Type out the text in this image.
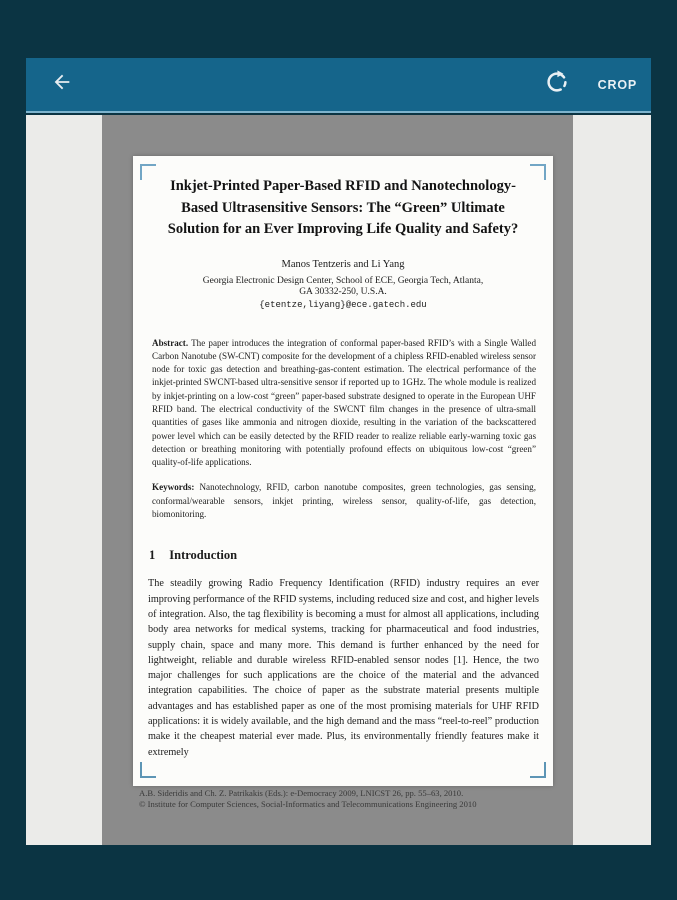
CROP
Inkjet-Printed Paper-Based RFID and Nanotechnology-Based Ultrasensitive Sensors: The “Green” Ultimate Solution for an Ever Improving Life Quality and Safety?
Manos Tentzeris and Li Yang
Georgia Electronic Design Center, School of ECE, Georgia Tech, Atlanta,
GA 30332-250, U.S.A.
{etentze,liyang}@ece.gatech.edu

Abstract. The paper introduces the integration of conformal paper-based RFID’s with a Single Walled Carbon Nanotube (SW-CNT) composite for the development of a chipless RFID-enabled wireless sensor node for toxic gas detection and breathing-gas-content estimation. The electrical performance of the inkjet-printed SWCNT-based ultra-sensitive sensor if reported up to 1GHz. The whole module is realized by inkjet-printing on a low-cost “green” paper-based substrate designed to operate in the European UHF RFID band. The electrical conductivity of the SWCNT film changes in the presence of ultra-small quantities of gases like ammonia and nitrogen dioxide, resulting in the variation of the backscattered power level which can be easily detected by the RFID reader to realize reliable early-warning toxic gas detection or breathing monitoring with potentially profound effects on ubiquitous low-cost “green” quality-of-life applications.

Keywords: Nanotechnology, RFID, carbon nanotube composites, green technologies, gas sensing, conformal/wearable sensors, inkjet printing, wireless sensor, quality-of-life, gas detection, biomonitoring.

1 Introduction

The steadily growing Radio Frequency Identification (RFID) industry requires an ever improving performance of the RFID systems, including reduced size and cost, and higher levels of integration. Also, the tag flexibility is becoming a must for almost all applications, including body area networks for medical systems, tracking for pharmaceutical and food industries, supply chain, space and many more. This demand is further enhanced by the need for lightweight, reliable and durable wireless RFID-enabled sensor nodes [1]. Hence, the two major challenges for such applications are the choice of the material and the advanced integration capabilities. The choice of paper as the substrate material presents multiple advantages and has established paper as one of the most promising materials for UHF RFID applications: it is widely available, and the high demand and the mass “reel-to-reel” production make it the cheapest material ever made. Plus, its environmentally friendly features make it extremely

A.B. Sideridis and Ch. Z. Patrikakis (Eds.): e-Democracy 2009, LNICST 26, pp. 55–63, 2010.
© Institute for Computer Sciences, Social-Informatics and Telecommunications Engineering 2010
